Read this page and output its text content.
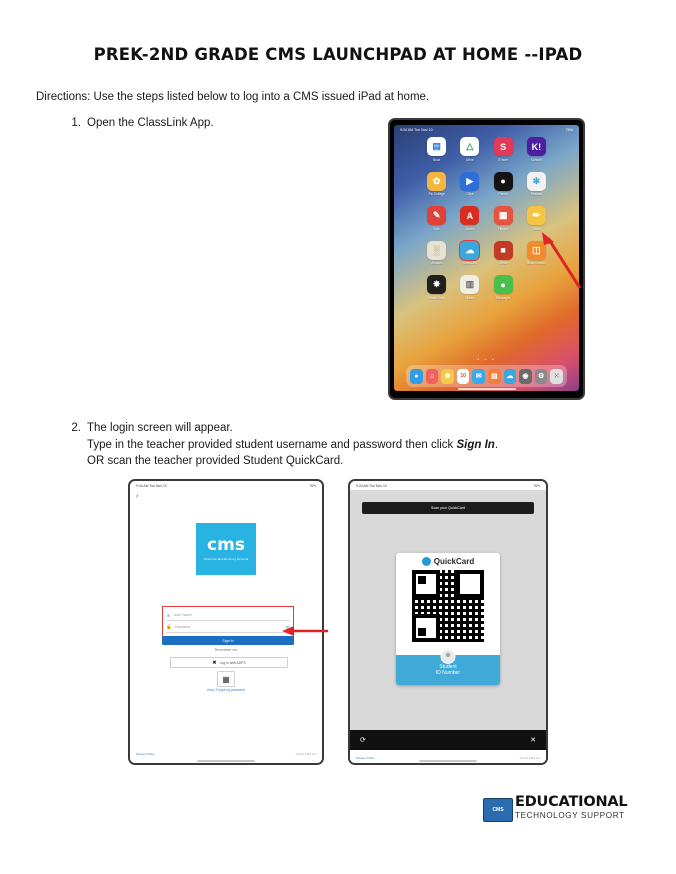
PREK-2ND GRADE CMS LAUNCHPAD AT HOME --IPAD
Directions: Use the steps listed below to log into a CMS issued iPad at home.
1. Open the ClassLink App.
9:34 AM Tue Nov 10	76%
▤
Book
△
Drive
S
S'more
K!
Kahoot!
✿
Pic Collage
▶
Clips
●
Panda
✻
Seesaw
✎
Epic
A
Adobe
▦
Flipgrid
✏
Notes
░
Abacus
☁
ClassLink
■
Office
◫
Book Creator
✸
Safari Kids
▥
Library
●
Messages
• • •
●	♫	❀	10	✉	▤	☁	◉	⚙	⁙
2. The login screen will appear.
Type in the teacher provided student username and password then click Sign In.
OR scan the teacher provided Student QuickCard.
9:34 AM Tue Nov 10	76%
‹
cms
Charlotte-Mecklenburg Schools
☻ User Name
🔒 Password	👁
Sign In
Remember me
✖ Log in with ADFS
▦
Help / Forgot my password
Privacy Policy	v6.0.0.1 R3.3.2
9:34 AM Tue Nov 10	76%
Scan your QuickCard
QuickCard
☻
Student
ID Number
⟳	✕
Privacy Policy	v6.0.0.1 R3.3.2
CMS EDUCATIONAL
TECHNOLOGY SUPPORT
